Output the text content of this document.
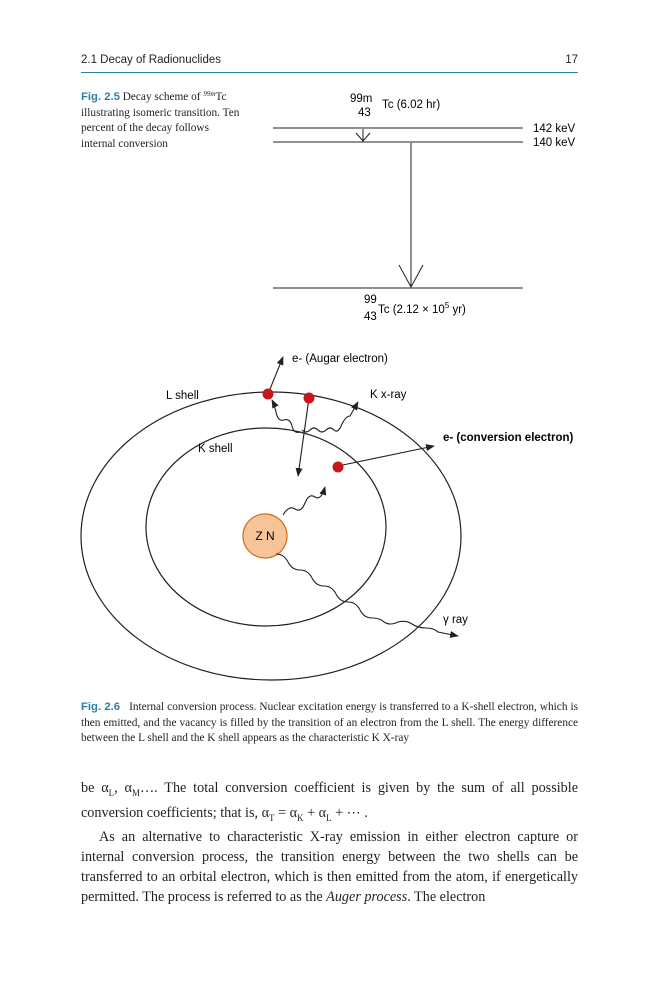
2.1 Decay of Radionuclides	17
Fig. 2.5 Decay scheme of $^{99m}$Tc illustrating isomeric transition. Ten percent of the decay follows internal conversion
99m
43
Tc (6.02 hr)
142 keV
140 keV
99
43
Tc ($2.12 \times 10^5$ yr)
L shell
K shell
Z N
γ ray
e- (conversion electron)
K x-ray
e- (Augar electron)
Fig. 2.6 Internal conversion process. Nuclear excitation energy is transferred to a K-shell electron, which is then emitted, and the vacancy is filled by the transition of an electron from the L shell. The energy difference between the L shell and the K shell appears as the characteristic K X-ray

be $\alpha_L$, $\alpha_M\dots$. The total conversion coefficient is given by the sum of all possible conversion coefficients; that is, $\alpha_T = \alpha_K + \alpha_L$ + ⋯ .

As an alternative to characteristic X-ray emission in either electron capture or internal conversion process, the transition energy between the two shells can be transferred to an orbital electron, which is then emitted from the atom, if energetically permitted. The process is referred to as the Auger process. The electron
